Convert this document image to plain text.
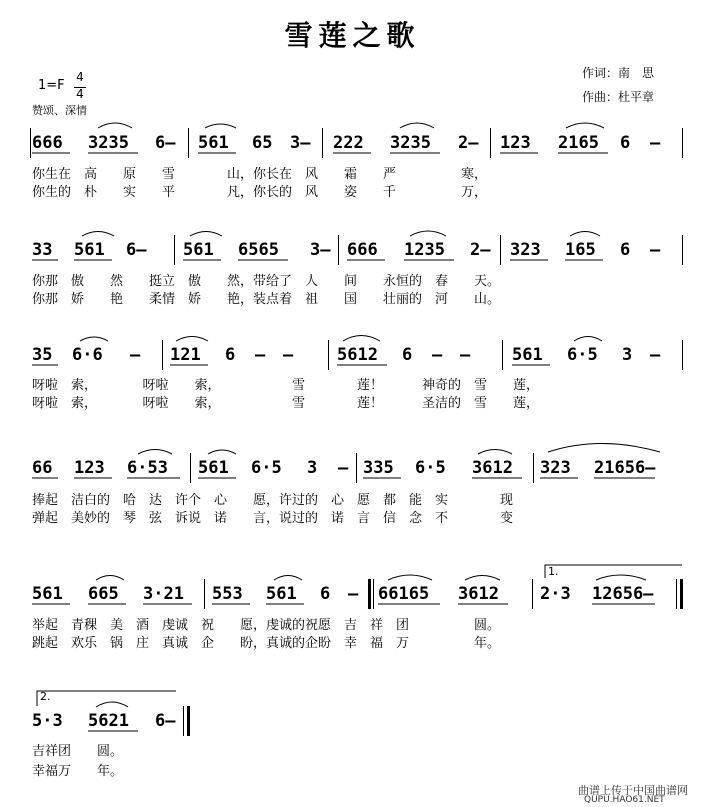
雪莲之歌
作词：南　思
作曲：杜平章
1=F
4
4
赞颂、深情
666 3235 6– 561 65 3– 222 3235 2– 123 2165 6 –
你生在　高　　原　　雪　　　　山，你长在　风　　霜　　严　　　　　寒，
你生的　朴　　实　　平　　　　凡，你长的　风　　姿　　千　　　　　万，
33 561 6– 561 6565 3– 666 1235 2– 323 165 6 –
你那　傲　　然　　挺立　傲　　然，带给了　人　　间　　永恒的　春　　天。
你那　娇　　艳　　柔情　娇　　艳，装点着　祖　　国　　壮丽的　河　　山。
35 6·6 – 121 6 – –	5612 6 – – 561 6·5 3 –
呀啦　索，　　　　呀啦　　索，　　　　　　雪　　　　莲！　　　神奇的　雪　　莲，
呀啦　索，　　　　呀啦　　索，　　　　　　雪　　　　莲！　　　圣洁的　雪　　莲，
66 123 6·53 561 6·5 3 – 335 6·5 3612 323 21656–
捧起　洁白的　哈　达　许个　心　　愿，许过的　心　愿　都　能　实　　　　现
弹起　美妙的　琴　弦　诉说　诺　　言，说过的　诺　言　信　念　不　　　　变
1.
561 665 3·21 553 561 6 – 66165 3612 2·3 12656–
举起　青稞　美　酒　虔诚　祝　　愿，虔诚的祝愿　吉　祥　团　　　　　圆。
跳起　欢乐　锅　庄　真诚　企　　盼，真诚的企盼　幸　福　万　　　　　年。
2.
5·3 5621 6–
吉祥团　　圆。
幸福万　　年。
曲谱上传于中国曲谱网
QUPU.HAO61.NET
